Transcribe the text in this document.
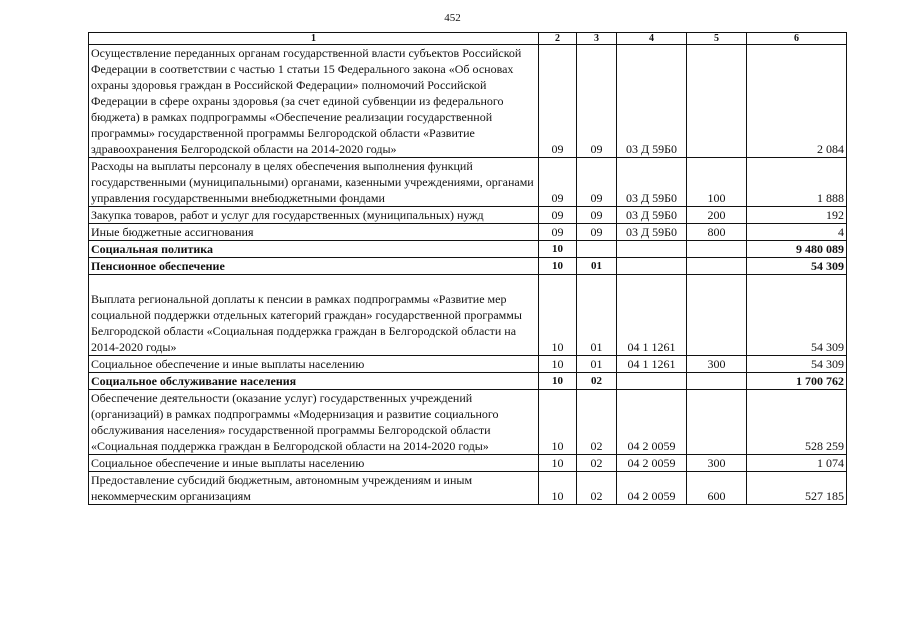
452
1	2	3	4	5	6
Осуществление переданных органам государственной власти субъектов Российской Федерации в соответствии с частью 1 статьи 15 Федерального закона «Об основах охраны здоровья граждан в Российской Федерации» полномочий Российской Федерации в сфере охраны здоровья (за счет единой субвенции из федерального бюджета) в рамках подпрограммы «Обеспечение реализации государственной программы» государственной программы Белгородской области «Развитие здравоохранения Белгородской области на 2014-2020 годы»	09	09	03 Д 59Б0		2 084
Расходы на выплаты персоналу в целях обеспечения выполнения функций государственными (муниципальными) органами, казенными учреждениями, органами управления государственными внебюджетными фондами	09	09	03 Д 59Б0	100	1 888
Закупка товаров, работ и услуг для государственных (муниципальных) нужд	09	09	03 Д 59Б0	200	192
Иные бюджетные ассигнования	09	09	03 Д 59Б0	800	4
Социальная политика	10				9 480 089
Пенсионное обеспечение	10	01			54 309

Выплата региональной доплаты к пенсии в рамках подпрограммы «Развитие мер социальной поддержки отдельных категорий граждан» государственной программы Белгородской области «Социальная поддержка граждан в Белгородской области на 2014-2020 годы»	10	01	04 1 1261		54 309
Социальное обеспечение и иные выплаты населению	10	01	04 1 1261	300	54 309
Социальное обслуживание населения	10	02			1 700 762
Обеспечение деятельности (оказание услуг) государственных учреждений (организаций) в рамках подпрограммы «Модернизация и развитие социального обслуживания населения» государственной программы Белгородской области «Социальная поддержка граждан в Белгородской области на 2014-2020 годы»	10	02	04 2 0059		528 259
Социальное обеспечение и иные выплаты населению	10	02	04 2 0059	300	1 074
Предоставление субсидий бюджетным, автономным учреждениям и иным некоммерческим организациям	10	02	04 2 0059	600	527 185
